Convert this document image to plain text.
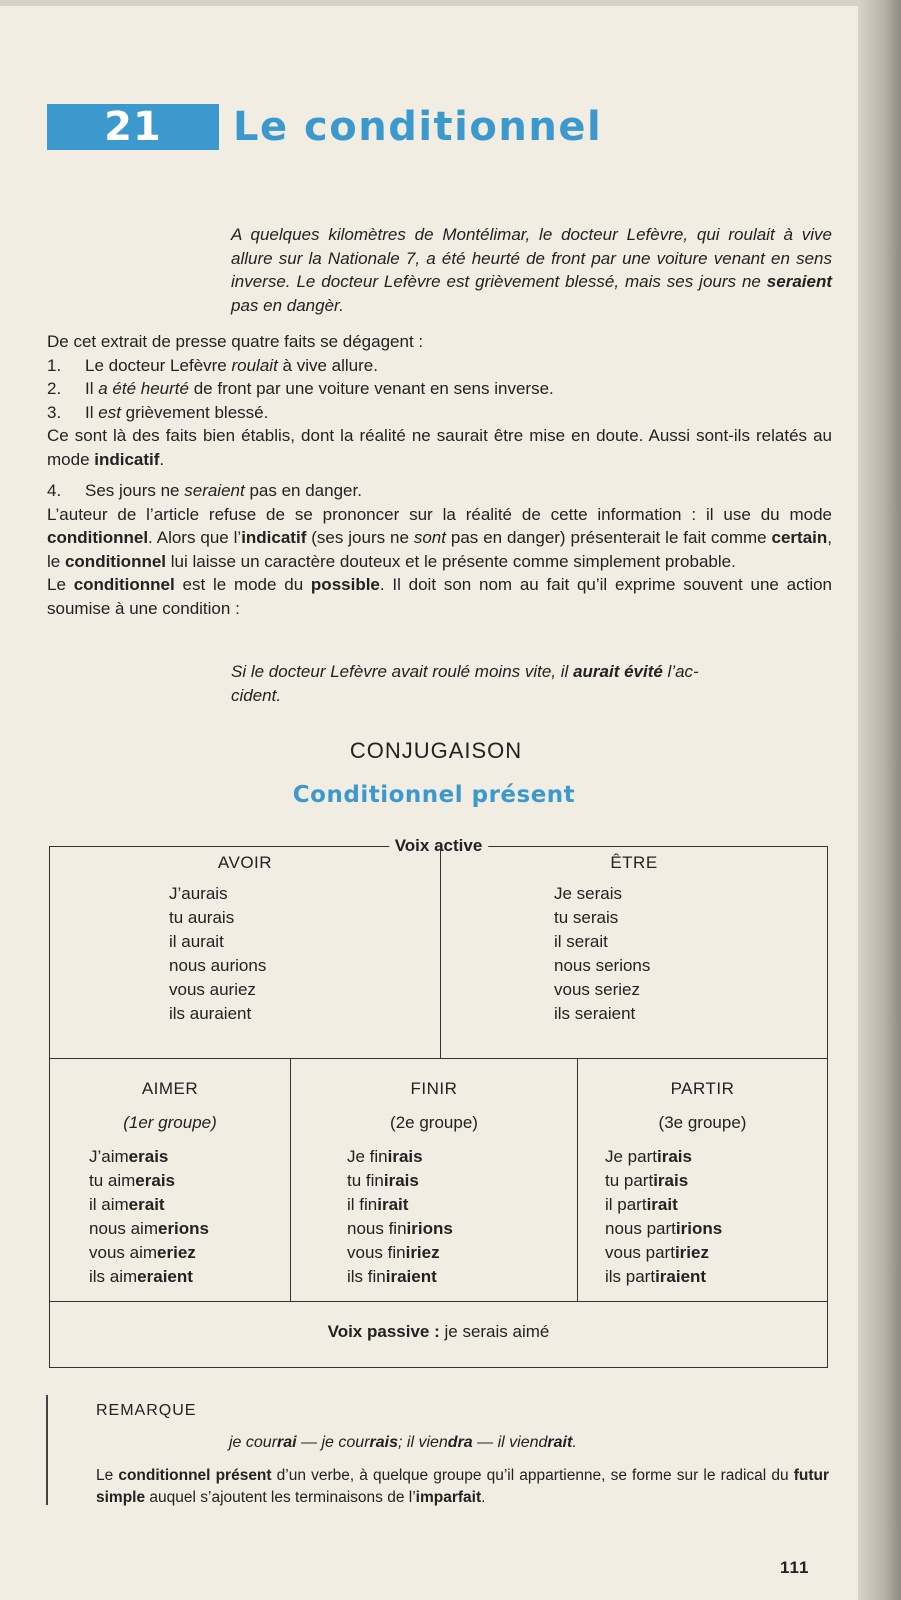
21	Le conditionnel
A quelques kilomètres de Montélimar, le docteur Lefèvre, qui roulait à vive allure sur la Nationale 7, a été heurté de front par une voiture venant en sens inverse. Le docteur Lefèvre est grièvement blessé, mais ses jours ne seraient pas en dangèr.

De cet extrait de presse quatre faits se dégagent :

1. Le docteur Lefèvre roulait à vive allure.

2. Il a été heurté de front par une voiture venant en sens inverse.

3. Il est grièvement blessé.

Ce sont là des faits bien établis, dont la réalité ne saurait être mise en doute. Aussi sont-ils relatés au mode indicatif.

4. Ses jours ne seraient pas en danger.

L’auteur de l’article refuse de se prononcer sur la réalité de cette information : il use du mode conditionnel. Alors que l’indicatif (ses jours ne sont pas en danger) présenterait le fait comme certain, le conditionnel lui laisse un caractère douteux et le présente comme simplement probable.

Le conditionnel est le mode du possible. Il doit son nom au fait qu’il exprime souvent une action soumise à une condition :

Si le docteur Lefèvre avait roulé moins vite, il aurait évité l’ac-
cident.
CONJUGAISON
Conditionnel présent
Voix active
AVOIR
J’aurais
tu aurais
il aurait
nous aurions
vous auriez
ils auraient
ÊTRE
Je serais
tu serais
il serait
nous serions
vous seriez
ils seraient
AIMER
(1er groupe)
J’aimerais
tu aimerais
il aimerait
nous aimerions
vous aimeriez
ils aimeraient
FINIR
(2e groupe)
Je finirais
tu finirais
il finirait
nous finirions
vous finiriez
ils finiraient
PARTIR
(3e groupe)
Je partirais
tu partirais
il partirait
nous partirions
vous partiriez
ils partiraient
Voix passive : je serais aimé
REMARQUE
je courrai — je courrais; il viendra — il viendrait.
Le conditionnel présent d’un verbe, à quelque groupe qu’il appartienne, se forme sur le radical du futur simple auquel s’ajoutent les terminaisons de l’imparfait.
111
